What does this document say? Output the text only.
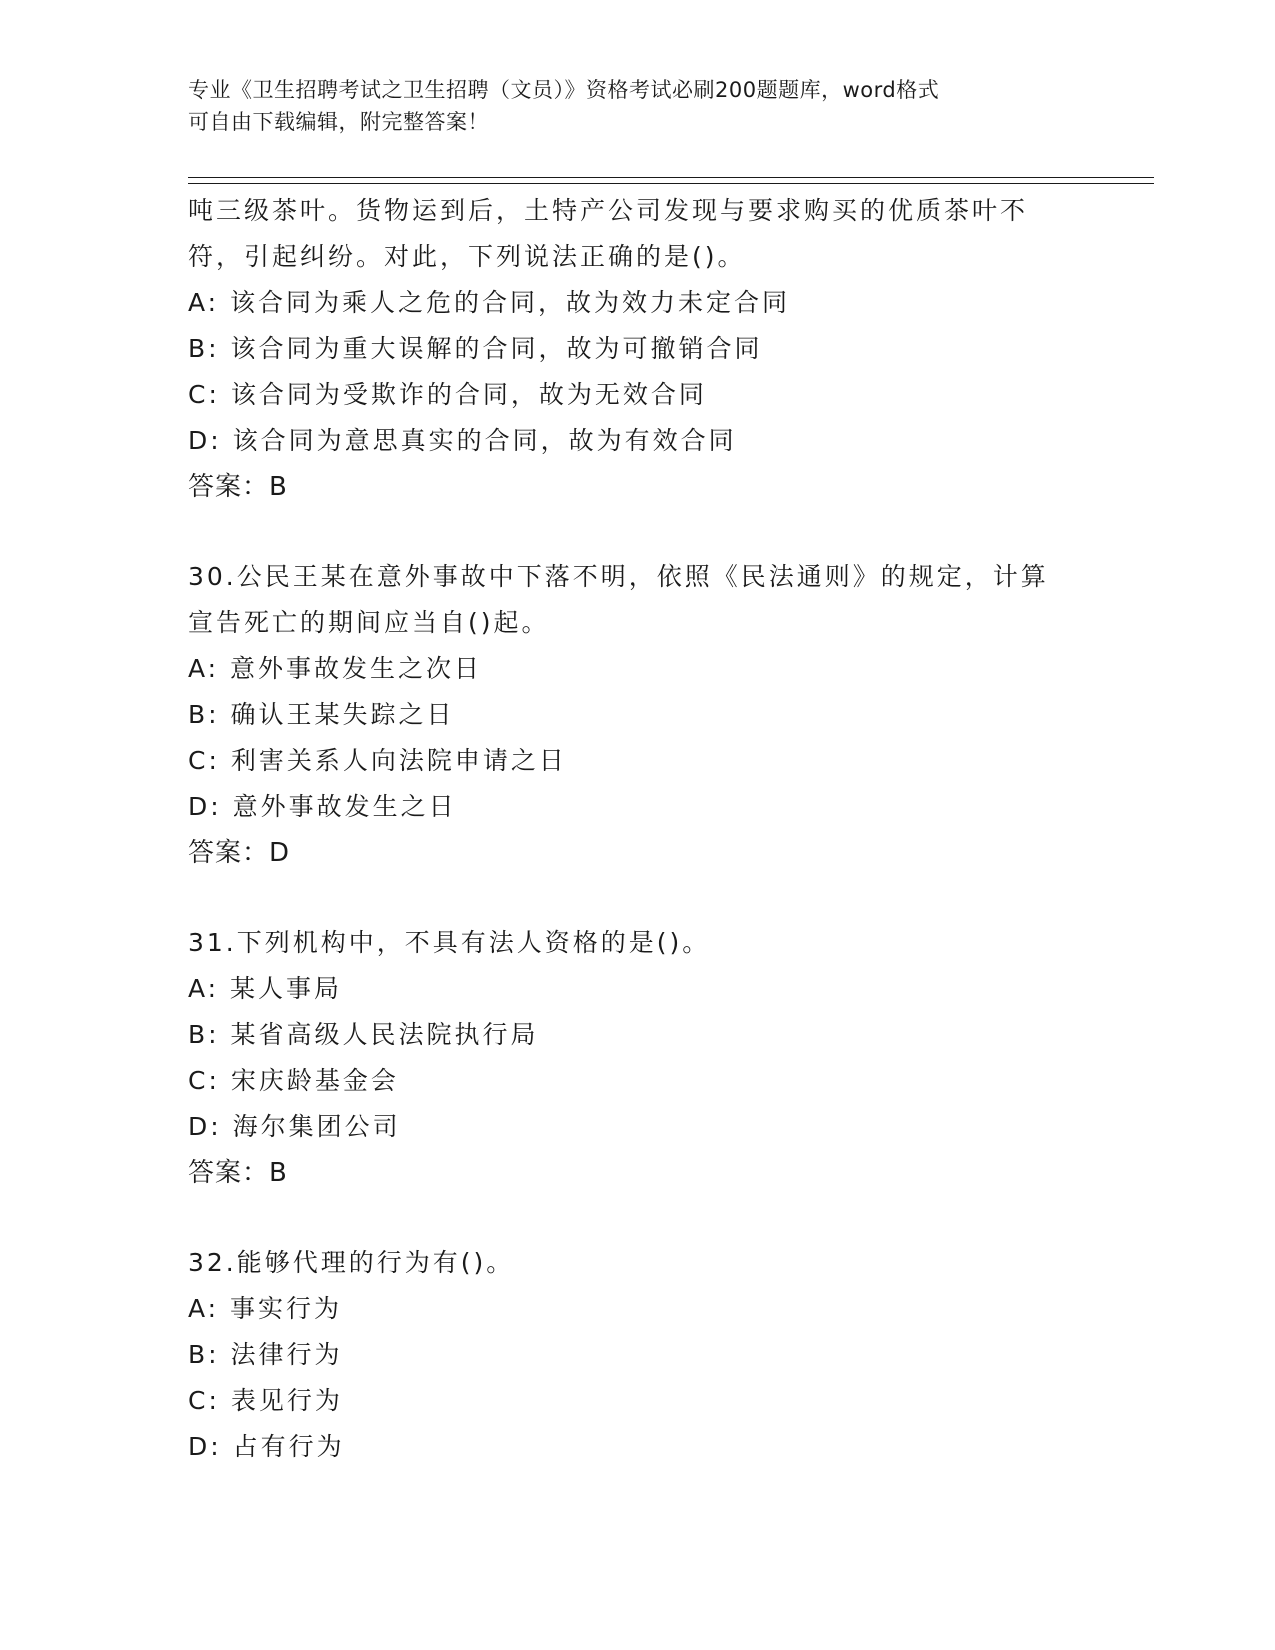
专业《卫生招聘考试之卫生招聘（文员）》资格考试必刷200题题库，word格式
可自由下载编辑，附完整答案！
吨三级茶叶。货物运到后，土特产公司发现与要求购买的优质茶叶不
符，引起纠纷。对此，下列说法正确的是()。
A: 该合同为乘人之危的合同，故为效力未定合同
B: 该合同为重大误解的合同，故为可撤销合同
C: 该合同为受欺诈的合同，故为无效合同
D: 该合同为意思真实的合同，故为有效合同
答案：B
30.公民王某在意外事故中下落不明，依照《民法通则》的规定，计算
宣告死亡的期间应当自()起。
A: 意外事故发生之次日
B: 确认王某失踪之日
C: 利害关系人向法院申请之日
D: 意外事故发生之日
答案：D
31.下列机构中，不具有法人资格的是()。
A: 某人事局
B: 某省高级人民法院执行局
C: 宋庆龄基金会
D: 海尔集团公司
答案：B
32.能够代理的行为有()。
A: 事实行为
B: 法律行为
C: 表见行为
D: 占有行为
